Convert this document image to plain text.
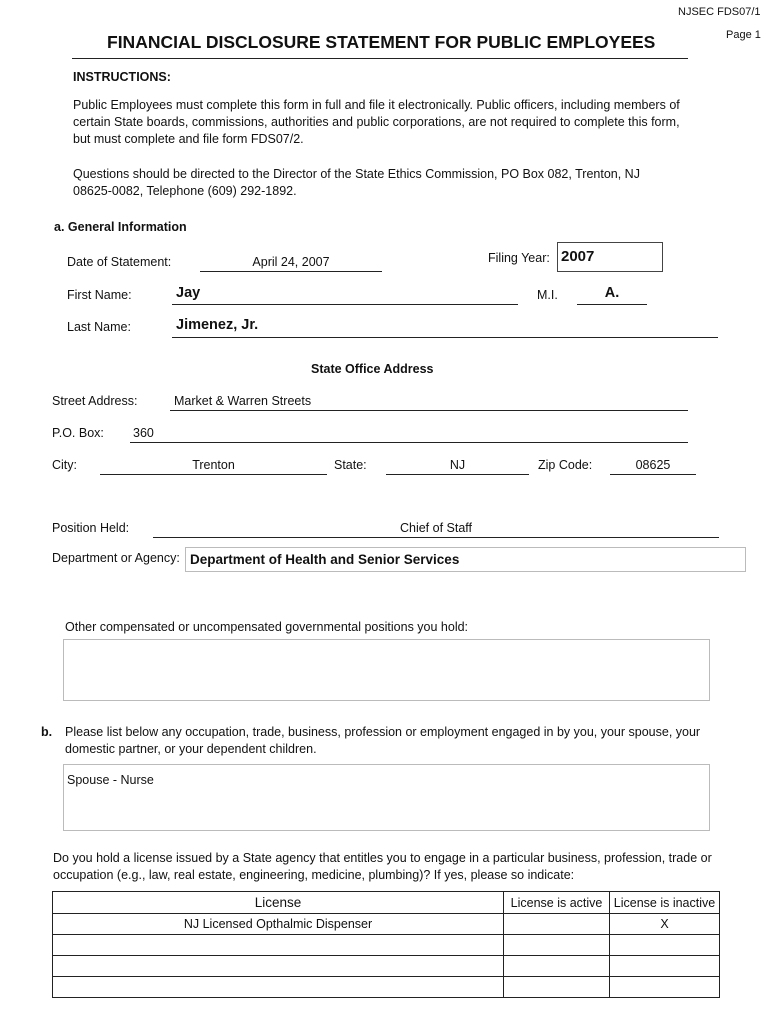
NJSEC FDS07/1
Page 1
FINANCIAL DISCLOSURE STATEMENT FOR PUBLIC EMPLOYEES
INSTRUCTIONS:
Public Employees must complete this form in full and file it electronically. Public officers, including members of
certain State boards, commissions, authorities and public corporations, are not required to complete this form,
but must complete and file form FDS07/2.
Questions should be directed to the Director of the State Ethics Commission, PO Box 082, Trenton, NJ
08625-0082, Telephone (609) 292-1892.
a. General Information
Date of Statement:	April 24, 2007	Filing Year: 2007
First Name:	Jay	M.I.	A.
Last Name:	Jimenez, Jr.
State Office Address
Street Address:	Market & Warren Streets
P.O. Box: 360
City:	Trenton	State:	NJ	Zip Code:	08625
Position Held:	Chief of Staff
Department or Agency: Department of Health and Senior Services
Other compensated or uncompensated governmental positions you hold:
b. Please list below any occupation, trade, business, profession or employment engaged in by you, your spouse, your
domestic partner, or your dependent children.
Spouse - Nurse
Do you hold a license issued by a State agency that entitles you to engage in a particular business, profession, trade or
occupation (e.g., law, real estate, engineering, medicine, plumbing)? If yes, please so indicate:
License	License is active	License is inactive
NJ Licensed Opthalmic Dispenser		X
